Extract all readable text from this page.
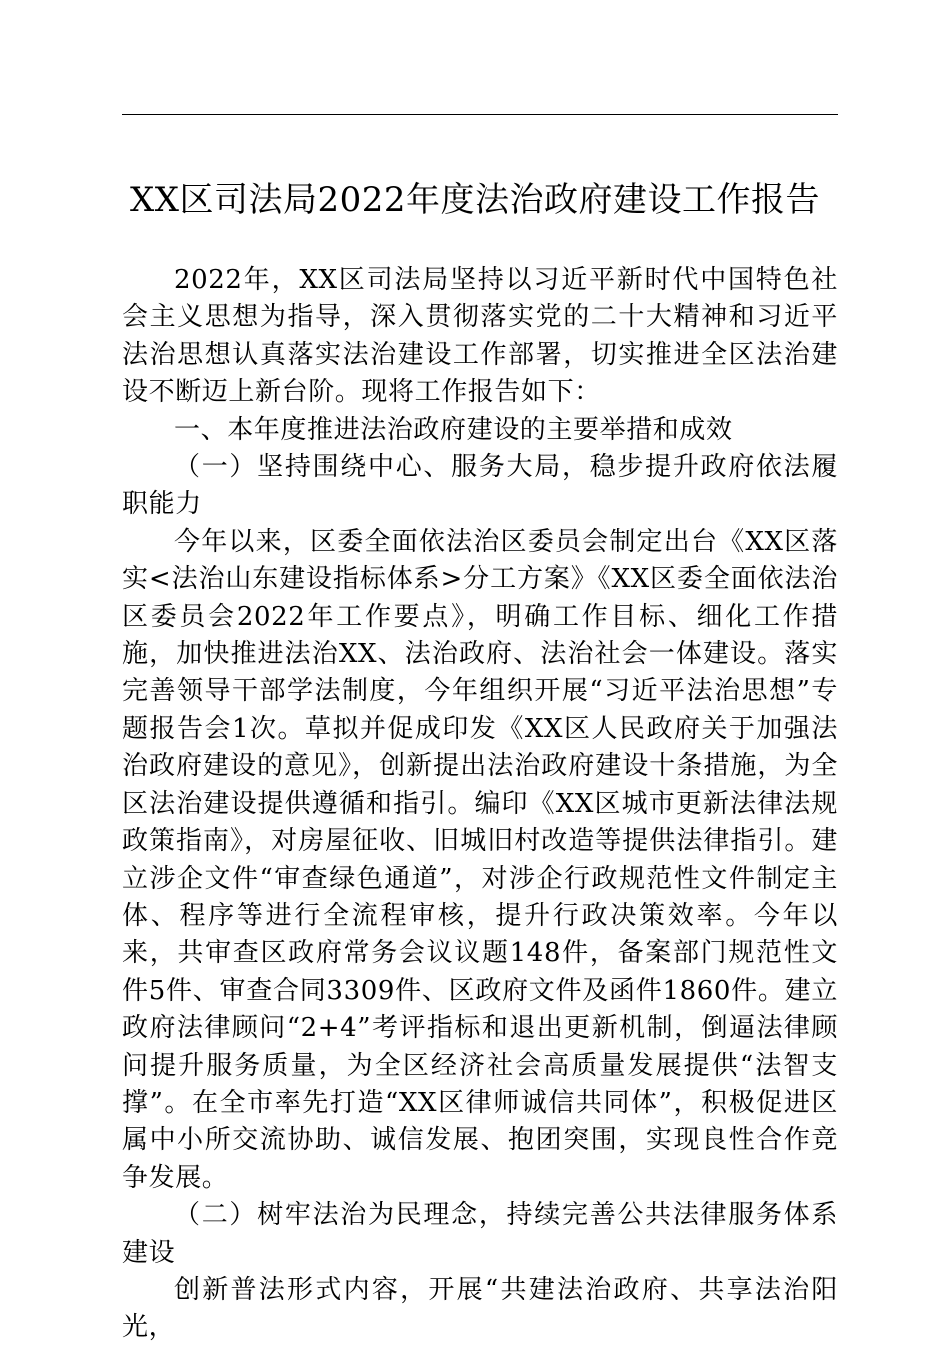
XX区司法局2022年度法治政府建设工作报告

2022年，XX区司法局坚持以习近平新时代中国特色社会主义思想为指导，深入贯彻落实党的二十大精神和习近平法治思想认真落实法治建设工作部署，切实推进全区法治建设不断迈上新台阶。现将工作报告如下：

一、本年度推进法治政府建设的主要举措和成效

（一）坚持围绕中心、服务大局，稳步提升政府依法履职能力

今年以来，区委全面依法治区委员会制定出台《XX区落实<法治山东建设指标体系>分工方案》《XX区委全面依法治区委员会2022年工作要点》，明确工作目标、细化工作措施，加快推进法治XX、法治政府、法治社会一体建设。落实完善领导干部学法制度，今年组织开展“习近平法治思想”专题报告会1次。草拟并促成印发《XX区人民政府关于加强法治政府建设的意见》，创新提出法治政府建设十条措施，为全区法治建设提供遵循和指引。编印《XX区城市更新法律法规政策指南》，对房屋征收、旧城旧村改造等提供法律指引。建立涉企文件“审查绿色通道”，对涉企行政规范性文件制定主体、程序等进行全流程审核，提升行政决策效率。今年以来，共审查区政府常务会议议题148件，备案部门规范性文件5件、审查合同3309件、区政府文件及函件1860件。建立政府法律顾问“2+4”考评指标和退出更新机制，倒逼法律顾问提升服务质量，为全区经济社会高质量发展提供“法智支撑”。在全市率先打造“XX区律师诚信共同体”，积极促进区属中小所交流协助、诚信发展、抱团突围，实现良性合作竞争发展。

（二）树牢法治为民理念，持续完善公共法律服务体系建设

创新普法形式内容，开展“共建法治政府、共享法治阳光，
